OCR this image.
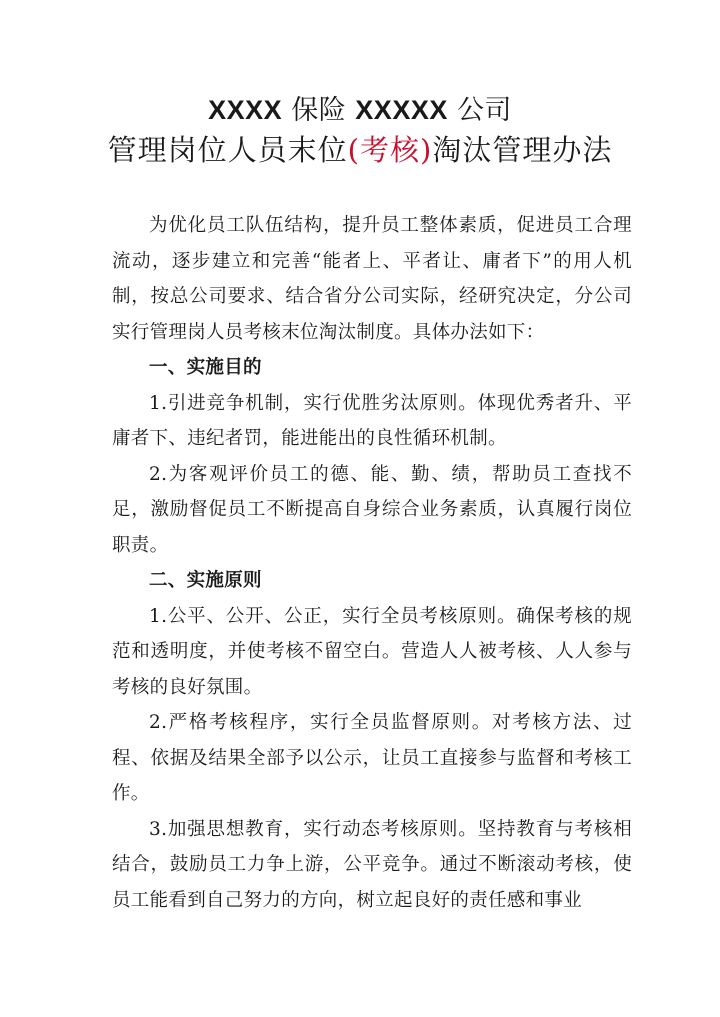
XXXX 保险 XXXXX 公司
管理岗位人员末位(考核)淘汰管理办法

为优化员工队伍结构，提升员工整体素质，促进员工合理流动，逐步建立和完善“能者上、平者让、庸者下”的用人机制，按总公司要求、结合省分公司实际，经研究决定，分公司实行管理岗人员考核末位淘汰制度。具体办法如下：

一、实施目的

1.引进竞争机制，实行优胜劣汰原则。体现优秀者升、平庸者下、违纪者罚，能进能出的良性循环机制。

2.为客观评价员工的德、能、勤、绩，帮助员工查找不足，激励督促员工不断提高自身综合业务素质，认真履行岗位职责。

二、实施原则

1.公平、公开、公正，实行全员考核原则。确保考核的规范和透明度，并使考核不留空白。营造人人被考核、人人参与考核的良好氛围。

2.严格考核程序，实行全员监督原则。对考核方法、过程、依据及结果全部予以公示，让员工直接参与监督和考核工作。

3.加强思想教育，实行动态考核原则。坚持教育与考核相结合，鼓励员工力争上游，公平竞争。通过不断滚动考核，使员工能看到自己努力的方向，树立起良好的责任感和事业
